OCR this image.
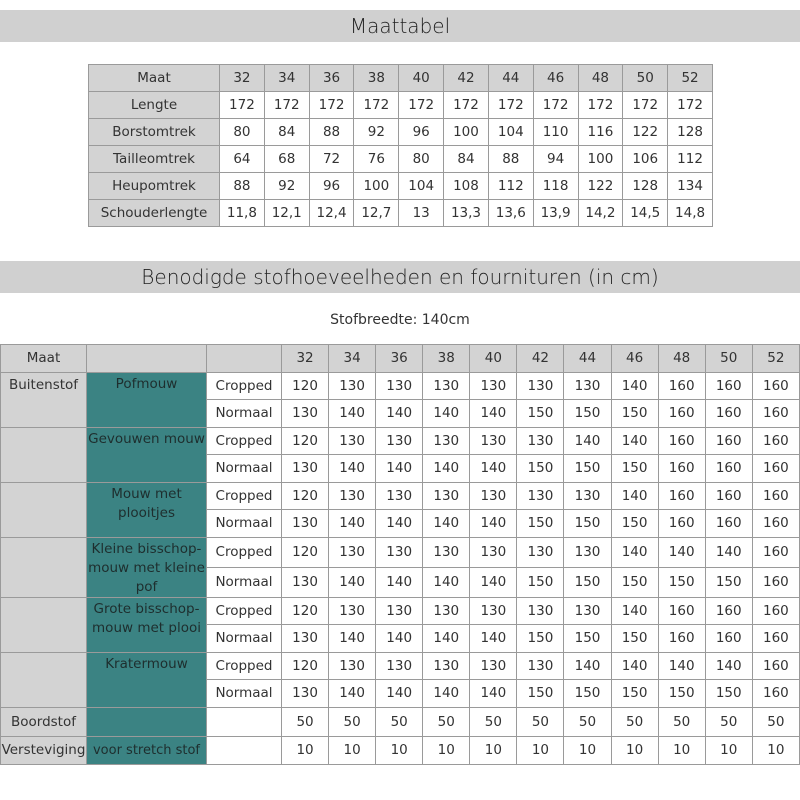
Maattabel
Maat	32	34	36	38	40	42	44	46	48	50	52
Lengte	172	172	172	172	172	172	172	172	172	172	172
Borstomtrek	80	84	88	92	96	100	104	110	116	122	128
Tailleomtrek	64	68	72	76	80	84	88	94	100	106	112
Heupomtrek	88	92	96	100	104	108	112	118	122	128	134
Schouderlengte	11,8	12,1	12,4	12,7	13	13,3	13,6	13,9	14,2	14,5	14,8
Benodigde stofhoeveelheden en fournituren (in cm)
Stofbreedte: 140cm
Maat			32	34	36	38	40	42	44	46	48	50	52
Buitenstof	Pofmouw	Cropped	120	130	130	130	130	130	130	140	160	160	160
		Normaal	130	140	140	140	140	150	150	150	160	160	160
	Gevouwen mouw	Cropped	120	130	130	130	130	130	140	140	160	160	160
		Normaal	130	140	140	140	140	150	150	150	160	160	160
	Mouw met plooitjes	Cropped	120	130	130	130	130	130	130	140	160	160	160
		Normaal	130	140	140	140	140	150	150	150	160	160	160
	Kleine bisschop-mouw met kleine pof	Cropped	120	130	130	130	130	130	130	140	140	140	160
		Normaal	130	140	140	140	140	150	150	150	150	150	160
	Grote bisschop-mouw met plooi	Cropped	120	130	130	130	130	130	130	140	160	160	160
		Normaal	130	140	140	140	140	150	150	150	160	160	160
	Kratermouw	Cropped	120	130	130	130	130	130	140	140	140	140	160
		Normaal	130	140	140	140	140	150	150	150	150	150	160
Boordstof			50	50	50	50	50	50	50	50	50	50	50
Versteviging	voor stretch stof		10	10	10	10	10	10	10	10	10	10	10
